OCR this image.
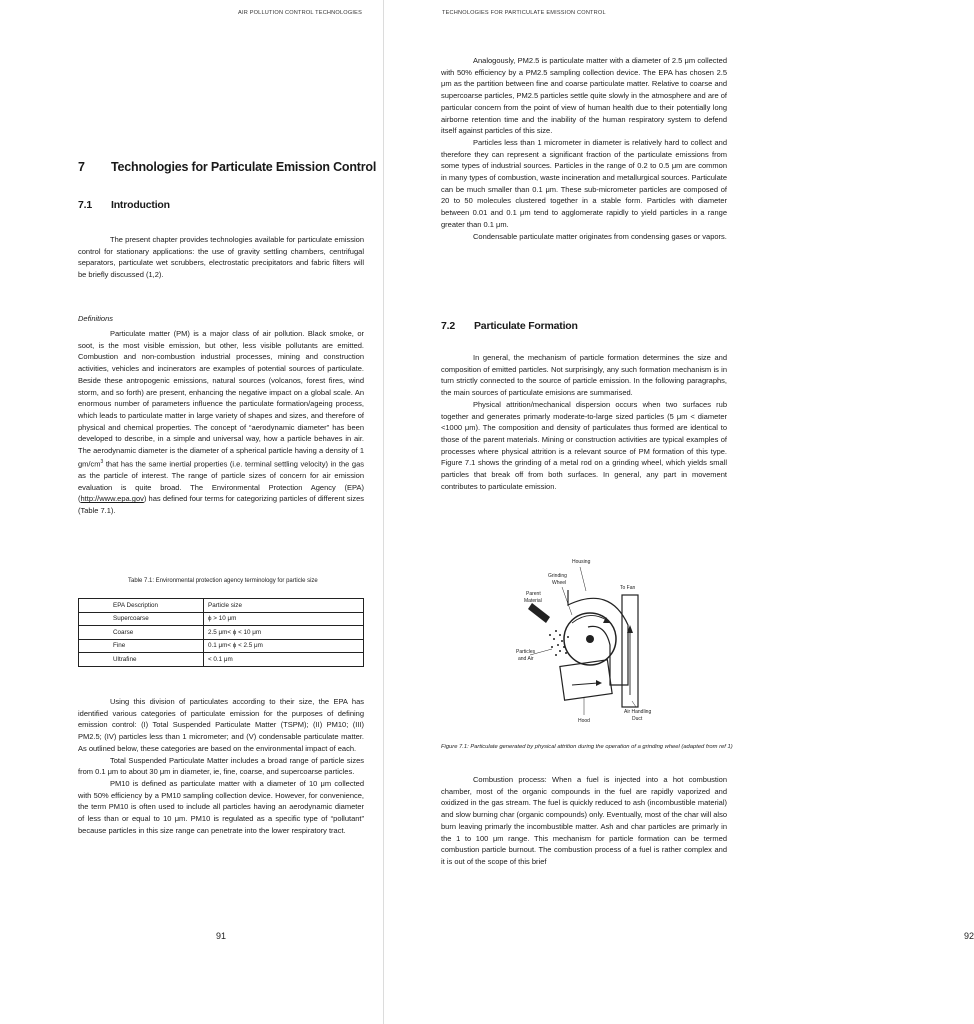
AIR POLLUTION CONTROL TECHNOLOGIES
7 Technologies for Particulate Emission Control
7.1 Introduction

The present chapter provides technologies available for particulate emission control for stationary applications: the use of gravity settling chambers, centrifugal separators, particulate wet scrubbers, electrostatic precipitators and fabric filters will be briefly discussed (1,2).

Definitions

Particulate matter (PM) is a major class of air pollution. Black smoke, or soot, is the most visible emission, but other, less visible pollutants are emitted. Combustion and non-combustion industrial processes, mining and construction activities, vehicles and incinerators are examples of potential sources of particulate. Beside these antropogenic emissions, natural sources (volcanos, forest fires, wind storm, and so forth) are present, enhancing the negative impact on a global scale. An enormous number of parameters influence the particulate formation/ageing process, which leads to particulate matter in large variety of shapes and sizes, and therefore of physical and chemical properties. The concept of “aerodynamic diameter” has been developed to describe, in a simple and universal way, how a particle behaves in air. The aerodynamic diameter is the diameter of a spherical particle having a density of 1 $gm/cm^3$ that has the same inertial properties (i.e. terminal settling velocity) in the gas as the particle of interest. The range of particle sizes of concern for air emission evaluation is quite broad. The Environmental Protection Agency (EPA) (http://www.epa.gov) has defined four terms for categorizing particles of different sizes (Table 7.1).

Table 7.1: Environmental protection agency terminology for particle size
EPA Description	Particle size
Supercoarse	ϕ > 10 μm
Coarse	2.5 μm< ϕ < 10 μm
Fine	0.1 μm< ϕ < 2.5 μm
Ultrafine	< 0.1 μm

Using this division of particulates according to their size, the EPA has identified various categories of particulate emission for the purposes of defining emission control: (I) Total Suspended Particulate Matter (TSPM); (II) PM10; (III) PM2.5; (IV) particles less than 1 micrometer; and (V) condensable particulate matter. As outlined below, these categories are based on the environmental impact of each.

Total Suspended Particulate Matter includes a broad range of particle sizes from 0.1 μm to about 30 μm in diameter, ie, fine, coarse, and supercoarse particles.

PM10 is defined as particulate matter with a diameter of 10 μm collected with 50% efficiency by a PM10 sampling collection device. However, for convenience, the term PM10 is often used to include all particles having an aerodynamic diameter of less than or equal to 10 μm. PM10 is regulated as a specific type of “pollutant” because particles in this size range can penetrate into the lower respiratory tract.

91
TECHNOLOGIES FOR PARTICULATE EMISSION CONTROL

Analogously, PM2.5 is particulate matter with a diameter of 2.5 μm collected with 50% efficiency by a PM2.5 sampling collection device. The EPA has chosen 2.5 μm as the partition between fine and coarse particulate matter. Relative to coarse and supercoarse particles, PM2.5 particles settle quite slowly in the atmosphere and are of particular concern from the point of view of human health due to their potentially long airborne retention time and the inability of the human respiratory system to defend itself against particles of this size.

Particles less than 1 micrometer in diameter is relatively hard to collect and therefore they can represent a significant fraction of the particulate emissions from some types of industrial sources. Particles in the range of 0.2 to 0.5 μm are common in many types of combustion, waste incineration and metallurgical sources. Particulate can be much smaller than 0.1 μm. These sub-micrometer particles are composed of 20 to 50 molecules clustered together in a stable form. Particles with diameter between 0.01 and 0.1 μm tend to agglomerate rapidly to yield particles in a range greater than 0.1 μm.

Condensable particulate matter originates from condensing gases or vapors.

7.2 Particulate Formation

In general, the mechanism of particle formation determines the size and composition of emitted particles. Not surprisingly, any such formation mechanism is in turn strictly connected to the source of particle emission. In the following paragraphs, the main sources of particulate emisions are summarised.

Physical attrition/mechanical dispersion occurs when two surfaces rub together and generates primarly moderate-to-large sized particles (5 μm < diameter <1000 μm). The composition and density of particulates thus formed are identical to those of the parent materials. Mining or construction activities are typical examples of processes where physical attrition is a relevant source of PM formation of this type. Figure 7.1 shows the grinding of a metal rod on a grinding wheel, which yields small particles that break off from both surfaces. In general, any part in movement contributes to particulate emission.

92
Housing
Grinding
Wheel
Parent
Material
To Fan
Particles
and Air
Hood
Air Handling
Duct
Figure 7.1: Particulate generated by physical attrition during the operation of a grinding wheel (adapted from ref 1)

Combustion process: When a fuel is injected into a hot combustion chamber, most of the organic compounds in the fuel are rapidly vaporized and oxidized in the gas stream. The fuel is quickly reduced to ash (incombustible material) and slow burning char (organic compounds) only. Eventually, most of the char will also burn leaving primarly the incombustible matter. Ash and char particles are primarly in the 1 to 100 μm range. This mechanism for particle formation can be termed combustion particle burnout. The combustion process of a fuel is rather complex and it is out of the scope of this brief
